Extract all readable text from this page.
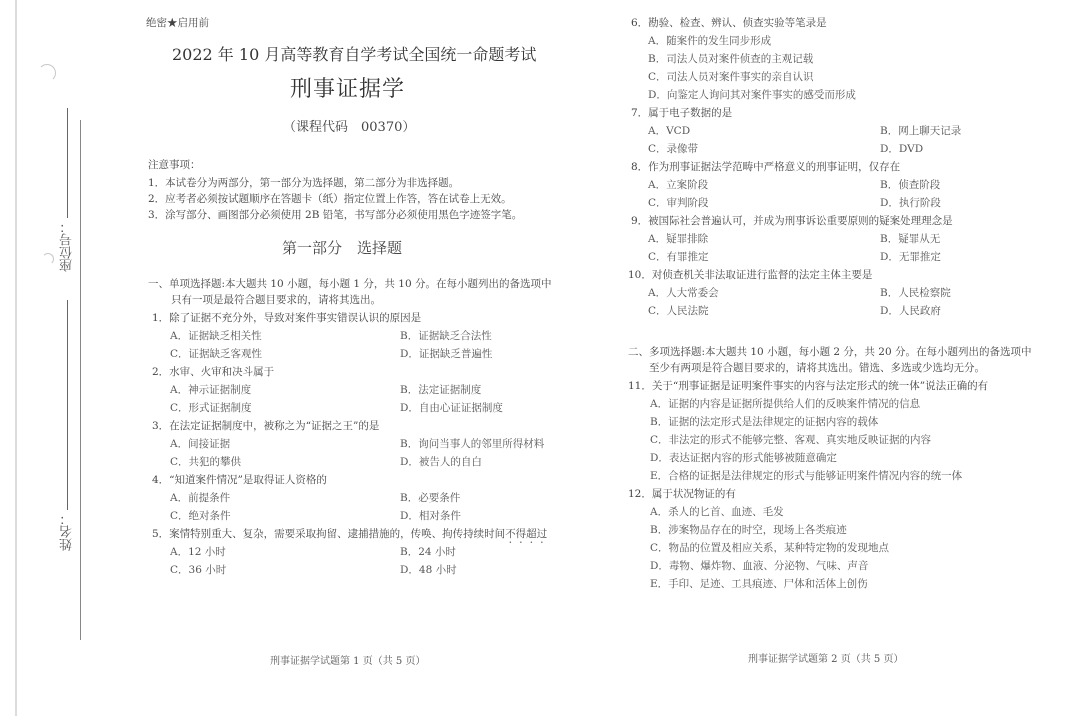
座位号：
姓名：
绝密★启用前
2022 年 10 月高等教育自学考试全国统一命题考试
刑事证据学
（课程代码　00370）
注意事项：
1．本试卷分为两部分，第一部分为选择题，第二部分为非选择题。
2．应考者必须按试题顺序在答题卡（纸）指定位置上作答，答在试卷上无效。
3．涂写部分、画图部分必须使用 2B 铅笔，书写部分必须使用黑色字迹签字笔。
第一部分　选择题
一、单项选择题:本大题共 10 小题，每小题 1 分，共 10 分。在每小题列出的备选项中
只有一项是最符合题目要求的，请将其选出。
1．除了证据不充分外，导致对案件事实错误认识的原因是
A．证据缺乏相关性	B．证据缺乏合法性
C．证据缺乏客观性	D．证据缺乏普遍性
2．水审、火审和决斗属于
A．神示证据制度	B．法定证据制度
C．形式证据制度	D．自由心证证据制度
3．在法定证据制度中，被称之为“证据之王”的是
A．间接证据	B．询问当事人的邻里所得材料
C．共犯的攀供	D．被告人的自白
4．“知道案件情况”是取得证人资格的
A．前提条件	B．必要条件
C．绝对条件	D．相对条件
5．案情特别重大、复杂，需要采取拘留、逮捕措施的，传唤、拘传持续时间不得超过
A．12 小时	B．24 小时
C．36 小时	D．48 小时
刑事证据学试题第 1 页（共 5 页）
6．勘验、检查、辨认、侦查实验等笔录是
A．随案件的发生同步形成
B．司法人员对案件侦查的主观记载
C．司法人员对案件事实的亲自认识
D．向鉴定人询问其对案件事实的感受而形成
7．属于电子数据的是
A．VCD	B．网上聊天记录
C．录像带	D．DVD
8．作为刑事证据法学范畴中严格意义的刑事证明，仅存在
A．立案阶段	B．侦查阶段
C．审判阶段	D．执行阶段
9．被国际社会普遍认可，并成为刑事诉讼重要原则的疑案处理理念是
A．疑罪排除	B．疑罪从无
C．有罪推定	D．无罪推定
10．对侦查机关非法取证进行监督的法定主体主要是
A．人大常委会	B．人民检察院
C．人民法院	D．人民政府
二、多项选择题:本大题共 10 小题，每小题 2 分，共 20 分。在每小题列出的备选项中
至少有两项是符合题目要求的，请将其选出。错选、多选或少选均无分。
11．关于“刑事证据是证明案件事实的内容与法定形式的统一体”说法正确的有
A．证据的内容是证据所提供给人们的反映案件情况的信息
B．证据的法定形式是法律规定的证据内容的载体
C．非法定的形式不能够完整、客观、真实地反映证据的内容
D．表达证据内容的形式能够被随意确定
E．合格的证据是法律规定的形式与能够证明案件情况内容的统一体
12．属于状况物证的有
A．杀人的匕首、血迹、毛发
B．涉案物品存在的时空，现场上各类痕迹
C．物品的位置及相应关系，某种特定物的发现地点
D．毒物、爆炸物、血液、分泌物、气味、声音
E．手印、足迹、工具痕迹、尸体和活体上创伤
刑事证据学试题第 2 页（共 5 页）
